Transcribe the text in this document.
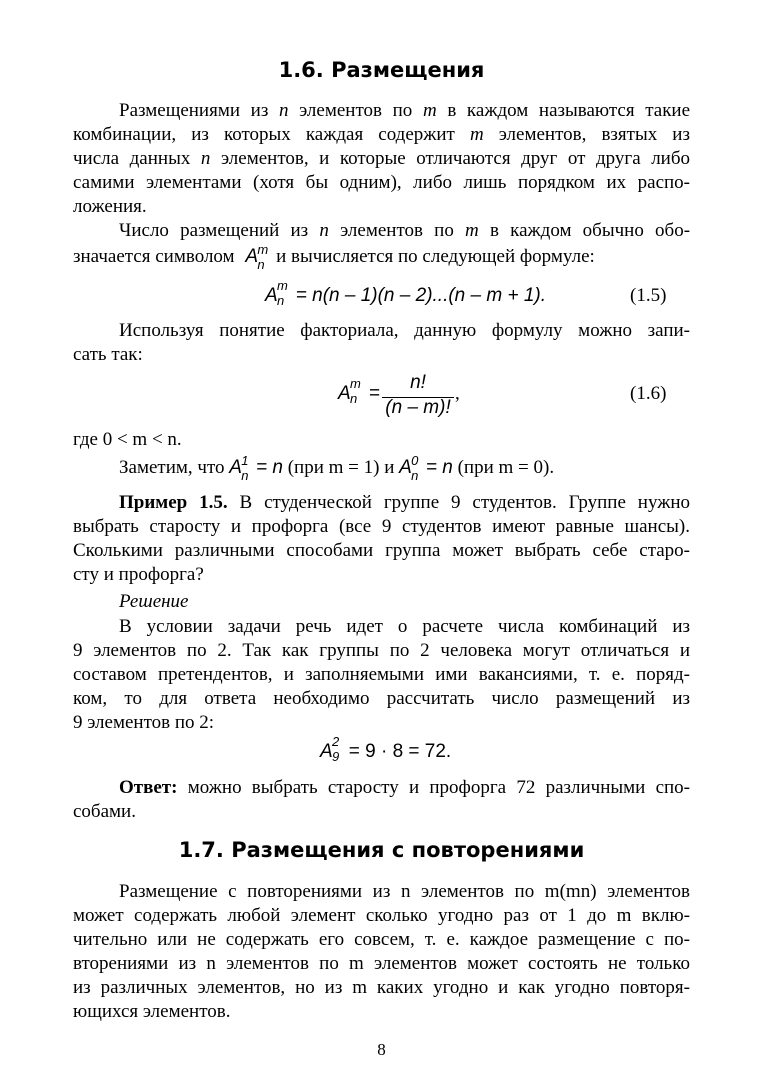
1.6. Размещения
Размещениями из n элементов по m в каждом называются такие
комбинации, из которых каждая содержит m элементов, взятых из
числа данных n элементов, и которые отличаются друг от друга либо
самими элементами (хотя бы одним), либо лишь порядком их распо-
ложения.
Число размещений из n элементов по m в каждом обычно обо-
значается символом A m
n и вычисляется по следующей формуле:
A m
n = n(n – 1)(n – 2)...(n – m + 1).	(1.5)
Используя понятие факториала, данную формулу можно запи-
сать так:
A m
n =
n!
(n – m)!
,	(1.6)
где 0 < m < n.
Заметим, что A 1
n = n (при m = 1) и A 0
n = n (при m = 0).
Пример 1.5. В студенческой группе 9 студентов. Группе нужно
выбрать старосту и профорга (все 9 студентов имеют равные шансы).
Сколькими различными способами группа может выбрать себе старо-
сту и профорга?
Решение
В условии задачи речь идет о расчете числа комбинаций из
9 элементов по 2. Так как группы по 2 человека могут отличаться и
составом претендентов, и заполняемыми ими вакансиями, т. е. поряд-
ком, то для ответа необходимо рассчитать число размещений из
9 элементов по 2:
A 2
9 = 9 · 8 = 72.
Ответ: можно выбрать старосту и профорга 72 различными спо-
собами.
1.7. Размещения с повторениями
Размещение с повторениями из n элементов по m(mn) элементов
может содержать любой элемент сколько угодно раз от 1 до m вклю-
чительно или не содержать его совсем, т. е. каждое размещение с по-
вторениями из n элементов по m элементов может состоять не только
из различных элементов, но из m каких угодно и как угодно повторя-
ющихся элементов.
8
